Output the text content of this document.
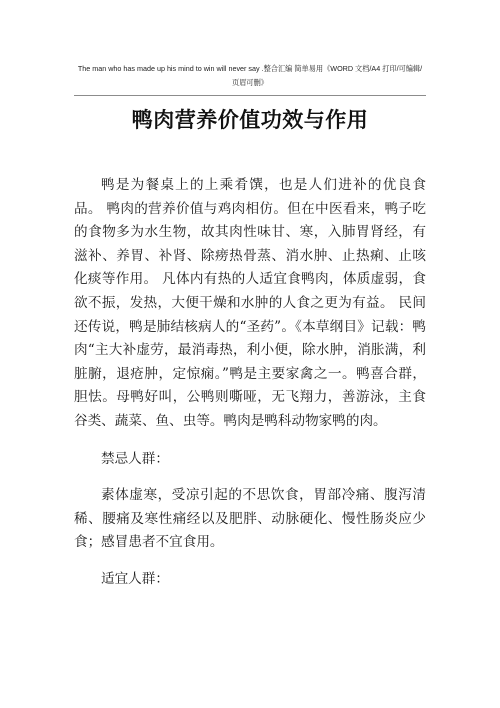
The man who has made up his mind to win will never say .整合汇编 简单易用《WORD 文档/A4 打印/可编辑/
页眉可删》
鸭肉营养价值功效与作用

鸭是为餐桌上的上乘肴馔，也是人们进补的优良食品。 鸭肉的营养价值与鸡肉相仿。但在中医看来，鸭子吃的食物多为水生物，故其肉性味甘、寒，入肺胃肾经，有滋补、养胃、补肾、除痨热骨蒸、消水肿、止热痢、止咳化痰等作用。 凡体内有热的人适宜食鸭肉，体质虚弱，食欲不振，发热，大便干燥和水肿的人食之更为有益。 民间还传说，鸭是肺结核病人的“圣药”。《本草纲目》记载：鸭肉“主大补虚劳，最消毒热，利小便，除水肿，消胀满，利脏腑，退疮肿，定惊痫。”鸭是主要家禽之一。鸭喜合群，胆怯。母鸭好叫，公鸭则嘶哑，无飞翔力，善游泳，主食谷类、蔬菜、鱼、虫等。鸭肉是鸭科动物家鸭的肉。

禁忌人群：

素体虚寒，受凉引起的不思饮食，胃部冷痛、腹泻清稀、腰痛及寒性痛经以及肥胖、动脉硬化、慢性肠炎应少食；感冒患者不宜食用。

适宜人群：
